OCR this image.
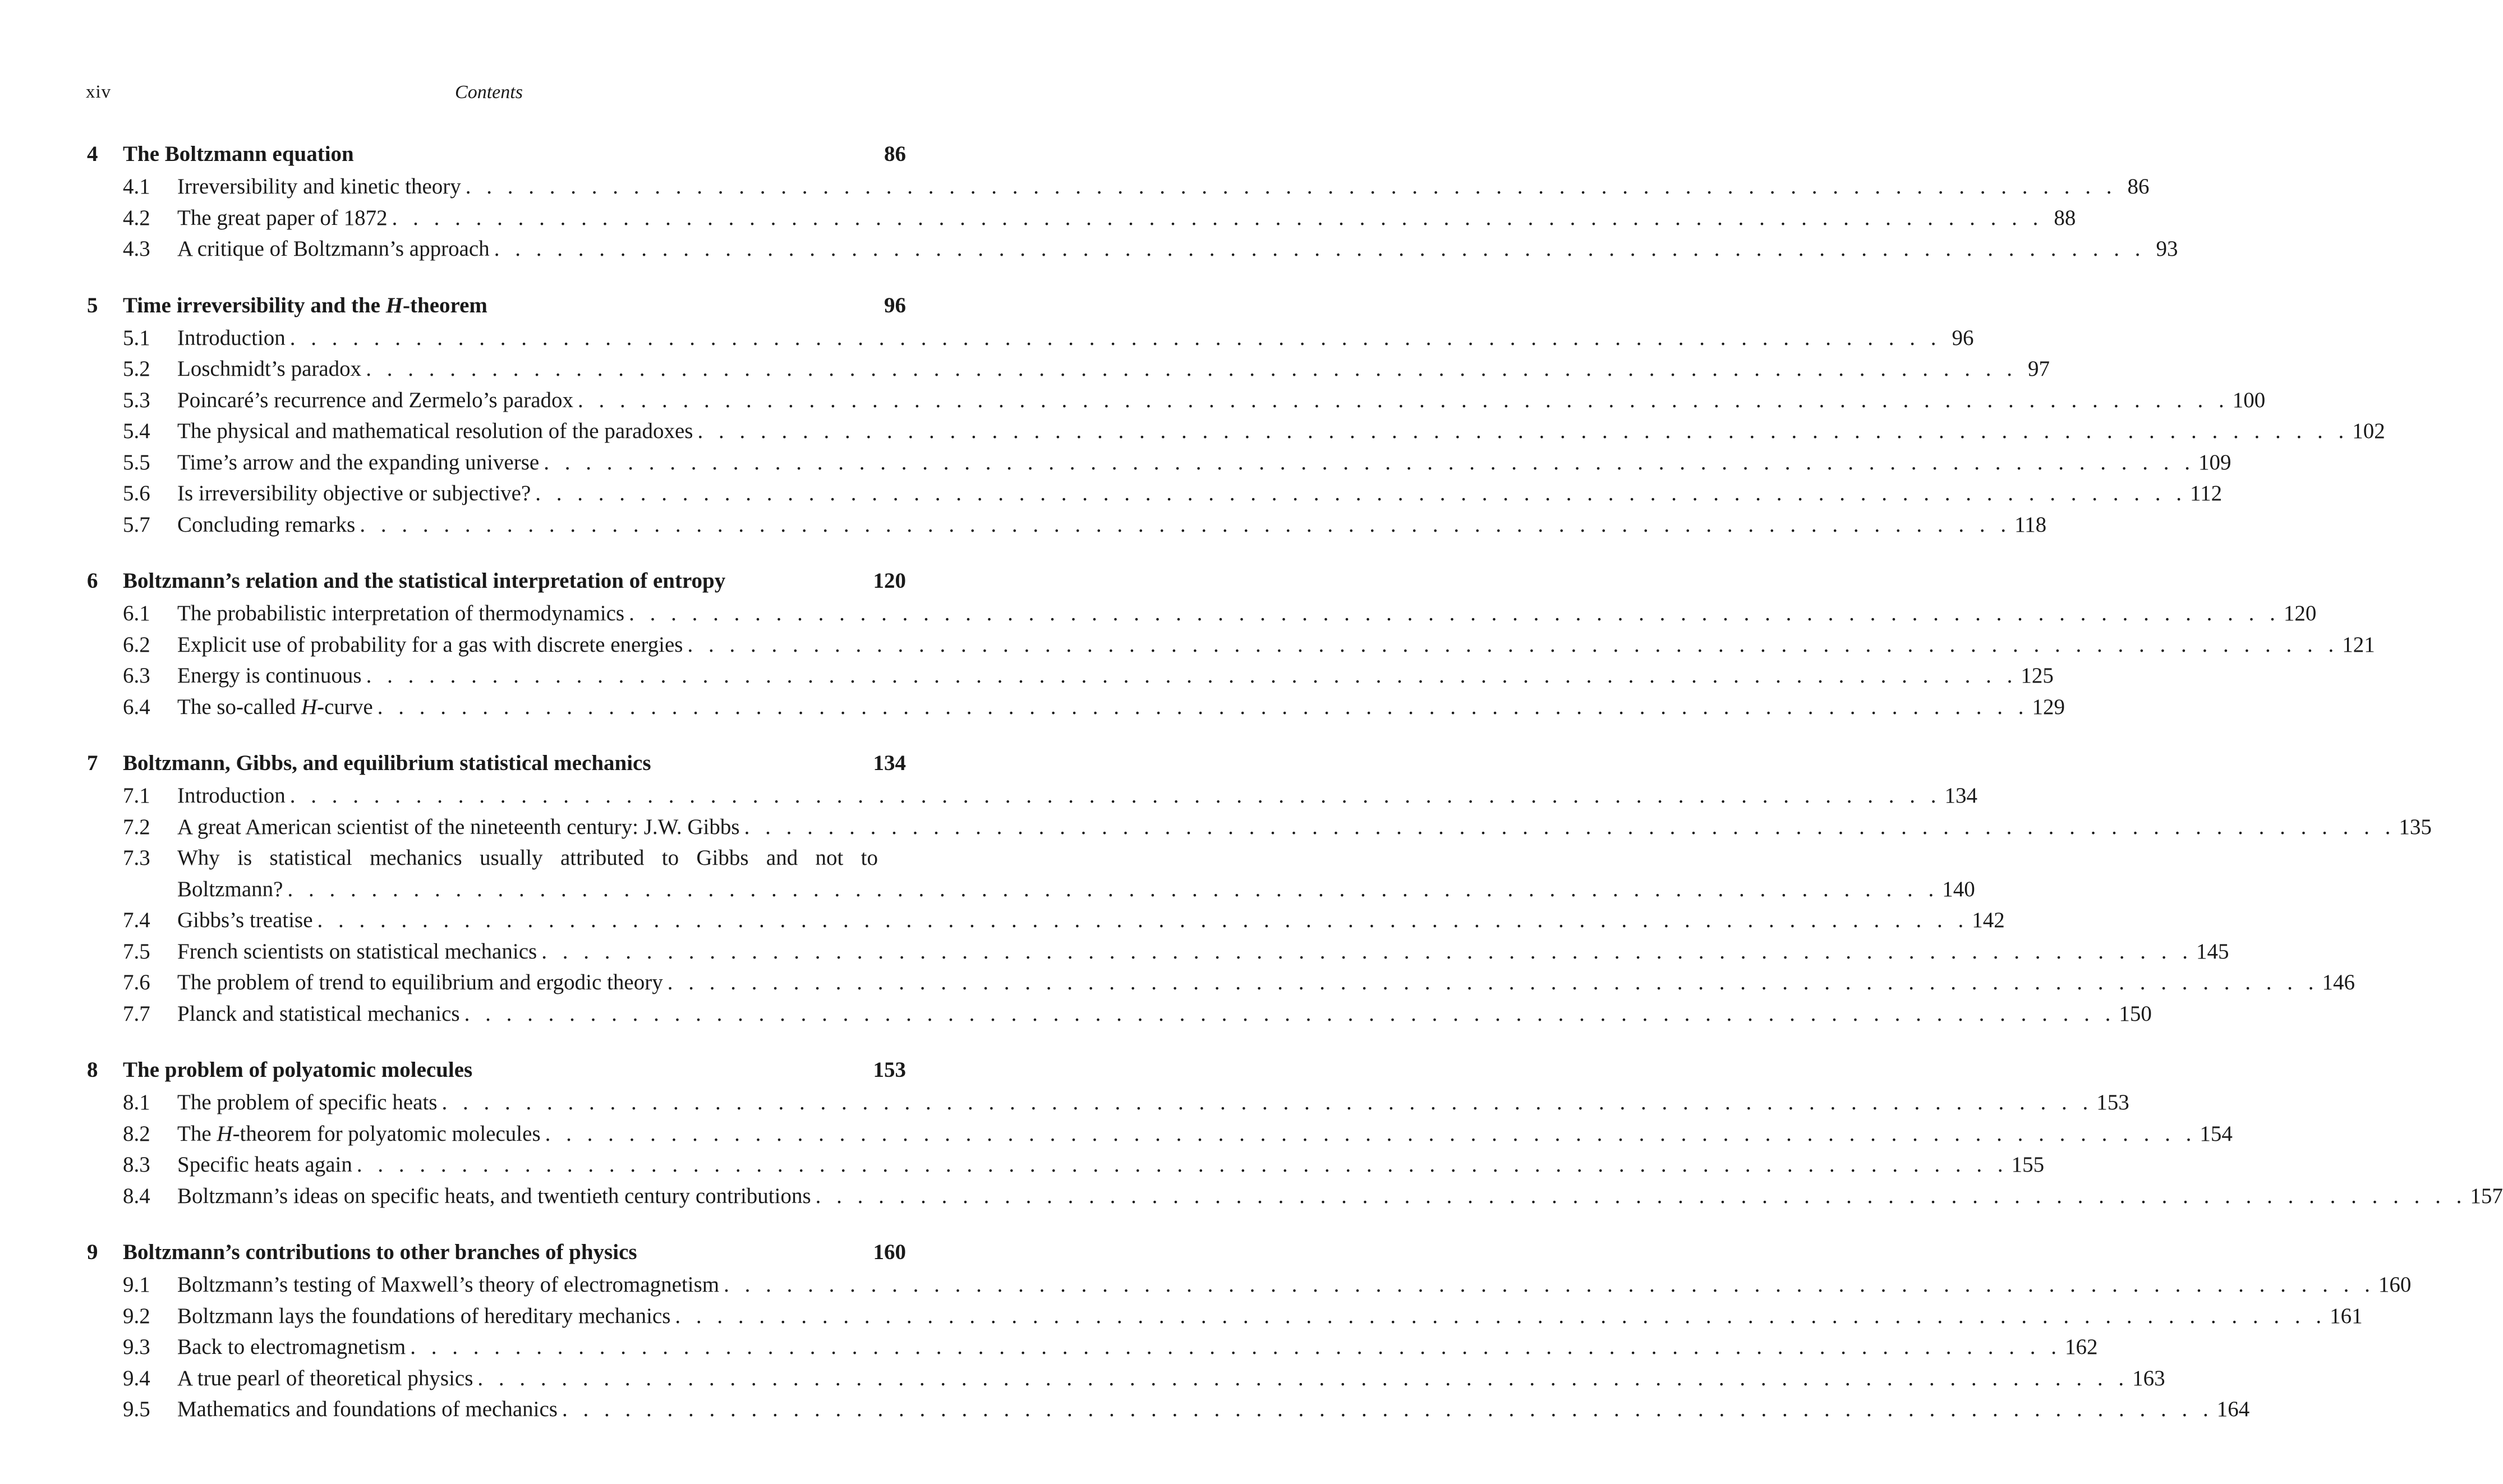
xiv	Contents
4	The Boltzmann equation	86
4.1	Irreversibility and kinetic theory . . . . . . . . . . . . . . . . . . . . . . . . . . . . . . . . . . . . . . . . . . . . . . . . . . . . . . . . . . . . . . . . . . . . . . . . . . . . . . . 86
4.2	The great paper of 1872 . . . . . . . . . . . . . . . . . . . . . . . . . . . . . . . . . . . . . . . . . . . . . . . . . . . . . . . . . . . . . . . . . . . . . . . . . . . . . . . 88
4.3	A critique of Boltzmann’s approach . . . . . . . . . . . . . . . . . . . . . . . . . . . . . . . . . . . . . . . . . . . . . . . . . . . . . . . . . . . . . . . . . . . . . . . . . . . . . . . 93
5	Time irreversibility and the H-theorem	96
5.1	Introduction . . . . . . . . . . . . . . . . . . . . . . . . . . . . . . . . . . . . . . . . . . . . . . . . . . . . . . . . . . . . . . . . . . . . . . . . . . . . . . . 96
5.2	Loschmidt’s paradox . . . . . . . . . . . . . . . . . . . . . . . . . . . . . . . . . . . . . . . . . . . . . . . . . . . . . . . . . . . . . . . . . . . . . . . . . . . . . . . 97
5.3	Poincaré’s recurrence and Zermelo’s paradox . . . . . . . . . . . . . . . . . . . . . . . . . . . . . . . . . . . . . . . . . . . . . . . . . . . . . . . . . . . . . . . . . . . . . . . . . . . . . . . 100
5.4	The physical and mathematical resolution of the paradoxes . . . . . . . . . . . . . . . . . . . . . . . . . . . . . . . . . . . . . . . . . . . . . . . . . . . . . . . . . . . . . . . . . . . . . . . . . . . . . . . 102
5.5	Time’s arrow and the expanding universe . . . . . . . . . . . . . . . . . . . . . . . . . . . . . . . . . . . . . . . . . . . . . . . . . . . . . . . . . . . . . . . . . . . . . . . . . . . . . . . 109
5.6	Is irreversibility objective or subjective? . . . . . . . . . . . . . . . . . . . . . . . . . . . . . . . . . . . . . . . . . . . . . . . . . . . . . . . . . . . . . . . . . . . . . . . . . . . . . . . 112
5.7	Concluding remarks . . . . . . . . . . . . . . . . . . . . . . . . . . . . . . . . . . . . . . . . . . . . . . . . . . . . . . . . . . . . . . . . . . . . . . . . . . . . . . . 118
6	Boltzmann’s relation and the statistical interpretation of entropy	120
6.1	The probabilistic interpretation of thermodynamics . . . . . . . . . . . . . . . . . . . . . . . . . . . . . . . . . . . . . . . . . . . . . . . . . . . . . . . . . . . . . . . . . . . . . . . . . . . . . . . 120
6.2	Explicit use of probability for a gas with discrete energies . . . . . . . . . . . . . . . . . . . . . . . . . . . . . . . . . . . . . . . . . . . . . . . . . . . . . . . . . . . . . . . . . . . . . . . . . . . . . . . 121
6.3	Energy is continuous . . . . . . . . . . . . . . . . . . . . . . . . . . . . . . . . . . . . . . . . . . . . . . . . . . . . . . . . . . . . . . . . . . . . . . . . . . . . . . . 125
6.4	The so-called H-curve . . . . . . . . . . . . . . . . . . . . . . . . . . . . . . . . . . . . . . . . . . . . . . . . . . . . . . . . . . . . . . . . . . . . . . . . . . . . . . . 129
7	Boltzmann, Gibbs, and equilibrium statistical mechanics	134
7.1	Introduction . . . . . . . . . . . . . . . . . . . . . . . . . . . . . . . . . . . . . . . . . . . . . . . . . . . . . . . . . . . . . . . . . . . . . . . . . . . . . . . 134
7.2	A great American scientist of the nineteenth century: J.W. Gibbs . . . . . . . . . . . . . . . . . . . . . . . . . . . . . . . . . . . . . . . . . . . . . . . . . . . . . . . . . . . . . . . . . . . . . . . . . . . . . . . 135
7.3	Why is statistical mechanics usually attributed to Gibbs and not to
Boltzmann? . . . . . . . . . . . . . . . . . . . . . . . . . . . . . . . . . . . . . . . . . . . . . . . . . . . . . . . . . . . . . . . . . . . . . . . . . . . . . . . 140
7.4	Gibbs’s treatise . . . . . . . . . . . . . . . . . . . . . . . . . . . . . . . . . . . . . . . . . . . . . . . . . . . . . . . . . . . . . . . . . . . . . . . . . . . . . . . 142
7.5	French scientists on statistical mechanics . . . . . . . . . . . . . . . . . . . . . . . . . . . . . . . . . . . . . . . . . . . . . . . . . . . . . . . . . . . . . . . . . . . . . . . . . . . . . . . 145
7.6	The problem of trend to equilibrium and ergodic theory . . . . . . . . . . . . . . . . . . . . . . . . . . . . . . . . . . . . . . . . . . . . . . . . . . . . . . . . . . . . . . . . . . . . . . . . . . . . . . . 146
7.7	Planck and statistical mechanics . . . . . . . . . . . . . . . . . . . . . . . . . . . . . . . . . . . . . . . . . . . . . . . . . . . . . . . . . . . . . . . . . . . . . . . . . . . . . . . 150
8	The problem of polyatomic molecules	153
8.1	The problem of specific heats . . . . . . . . . . . . . . . . . . . . . . . . . . . . . . . . . . . . . . . . . . . . . . . . . . . . . . . . . . . . . . . . . . . . . . . . . . . . . . . 153
8.2	The H-theorem for polyatomic molecules . . . . . . . . . . . . . . . . . . . . . . . . . . . . . . . . . . . . . . . . . . . . . . . . . . . . . . . . . . . . . . . . . . . . . . . . . . . . . . . 154
8.3	Specific heats again . . . . . . . . . . . . . . . . . . . . . . . . . . . . . . . . . . . . . . . . . . . . . . . . . . . . . . . . . . . . . . . . . . . . . . . . . . . . . . . 155
8.4	Boltzmann’s ideas on specific heats, and twentieth century contributions . . . . . . . . . . . . . . . . . . . . . . . . . . . . . . . . . . . . . . . . . . . . . . . . . . . . . . . . . . . . . . . . . . . . . . . . . . . . . . . 157
9	Boltzmann’s contributions to other branches of physics	160
9.1	Boltzmann’s testing of Maxwell’s theory of electromagnetism . . . . . . . . . . . . . . . . . . . . . . . . . . . . . . . . . . . . . . . . . . . . . . . . . . . . . . . . . . . . . . . . . . . . . . . . . . . . . . . 160
9.2	Boltzmann lays the foundations of hereditary mechanics . . . . . . . . . . . . . . . . . . . . . . . . . . . . . . . . . . . . . . . . . . . . . . . . . . . . . . . . . . . . . . . . . . . . . . . . . . . . . . . 161
9.3	Back to electromagnetism . . . . . . . . . . . . . . . . . . . . . . . . . . . . . . . . . . . . . . . . . . . . . . . . . . . . . . . . . . . . . . . . . . . . . . . . . . . . . . . 162
9.4	A true pearl of theoretical physics . . . . . . . . . . . . . . . . . . . . . . . . . . . . . . . . . . . . . . . . . . . . . . . . . . . . . . . . . . . . . . . . . . . . . . . . . . . . . . . 163
9.5	Mathematics and foundations of mechanics . . . . . . . . . . . . . . . . . . . . . . . . . . . . . . . . . . . . . . . . . . . . . . . . . . . . . . . . . . . . . . . . . . . . . . . . . . . . . . . 164
